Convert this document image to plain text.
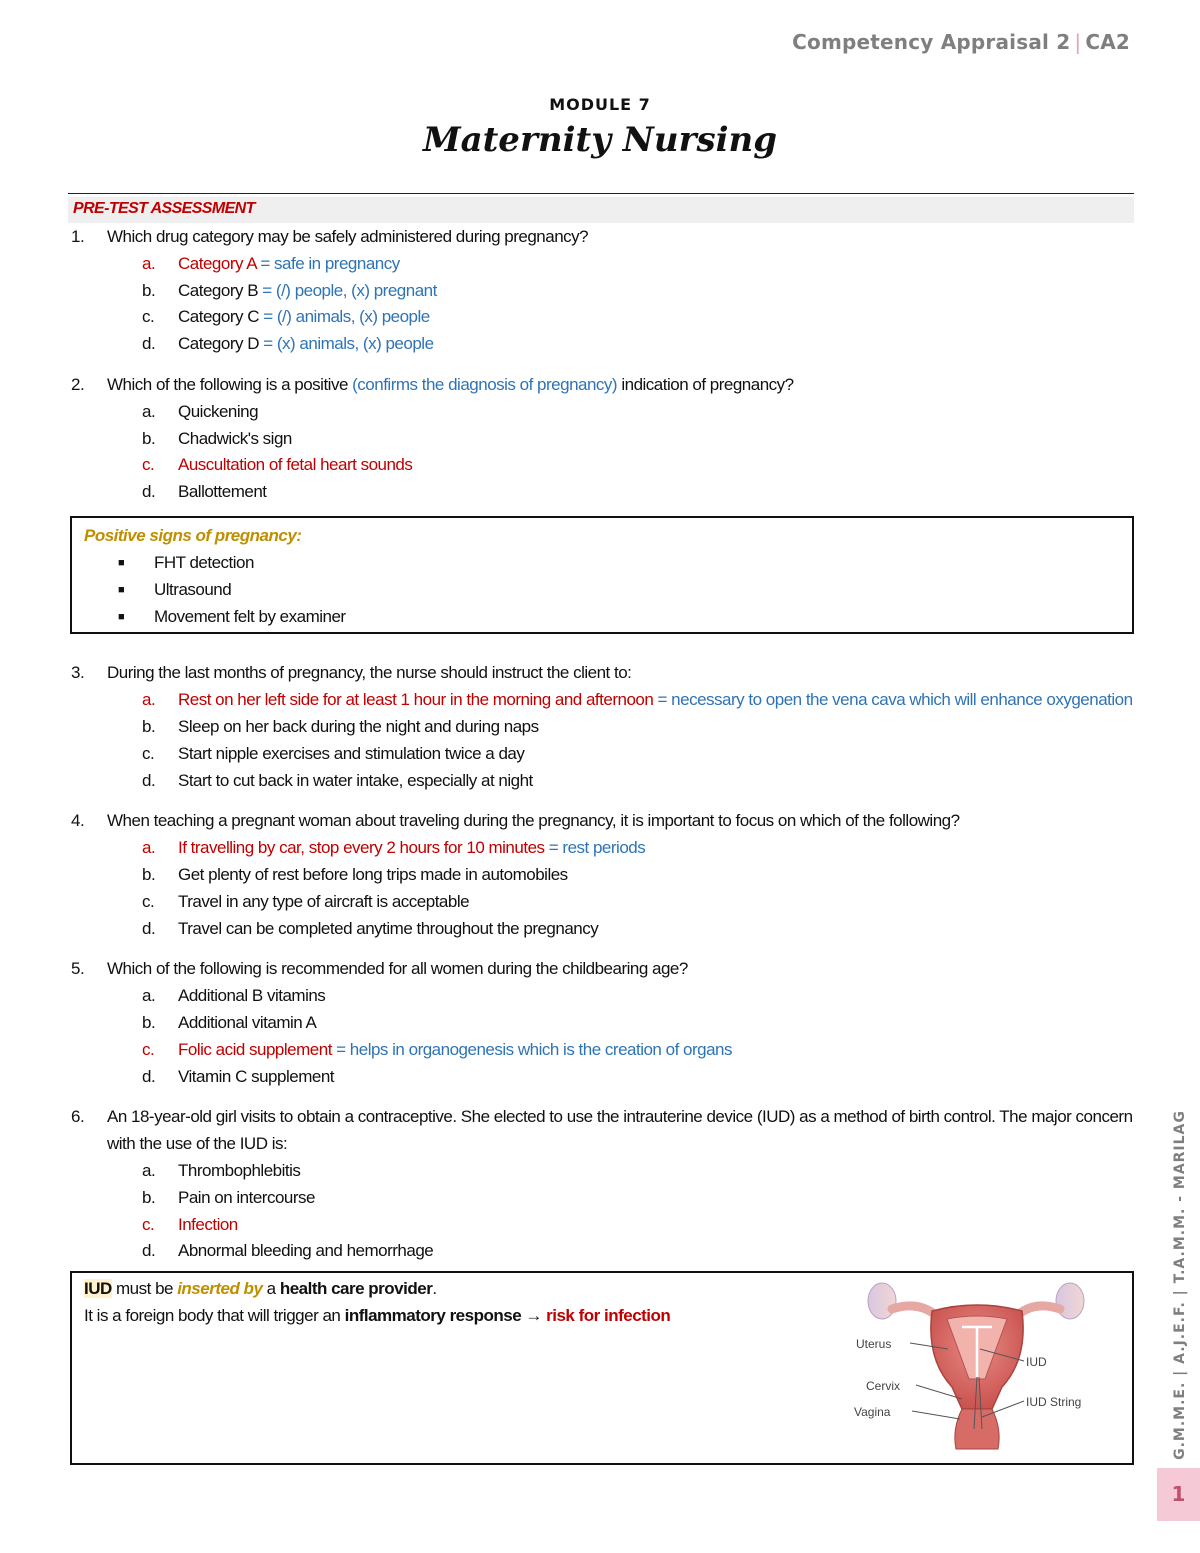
Competency Appraisal 2 | CA2
MODULE 7
Maternity Nursing
PRE-TEST ASSESSMENT
1. Which drug category may be safely administered during pregnancy?
a. Category A = safe in pregnancy
b. Category B = (/) people, (x) pregnant
c. Category C = (/) animals, (x) people
d. Category D = (x) animals, (x) people
2. Which of the following is a positive (confirms the diagnosis of pregnancy) indication of pregnancy?
a. Quickening
b. Chadwick's sign
c. Auscultation of fetal heart sounds
d. Ballottement
Positive signs of pregnancy:
■ FHT detection
■ Ultrasound
■ Movement felt by examiner
3. During the last months of pregnancy, the nurse should instruct the client to:
a. Rest on her left side for at least 1 hour in the morning and afternoon = necessary to open the vena cava which will enhance oxygenation
b. Sleep on her back during the night and during naps
c. Start nipple exercises and stimulation twice a day
d. Start to cut back in water intake, especially at night
4. When teaching a pregnant woman about traveling during the pregnancy, it is important to focus on which of the following?
a. If travelling by car, stop every 2 hours for 10 minutes = rest periods
b. Get plenty of rest before long trips made in automobiles
c. Travel in any type of aircraft is acceptable
d. Travel can be completed anytime throughout the pregnancy
5. Which of the following is recommended for all women during the childbearing age?
a. Additional B vitamins
b. Additional vitamin A
c. Folic acid supplement = helps in organogenesis which is the creation of organs
d. Vitamin C supplement
6. An 18-year-old girl visits to obtain a contraceptive. She elected to use the intrauterine device (IUD) as a method of birth control. The major concern with the use of the IUD is:
a. Thrombophlebitis
b. Pain on intercourse
c. Infection
d. Abnormal bleeding and hemorrhage
IUD must be inserted by a health care provider.
It is a foreign body that will trigger an inflammatory response → risk for infection
Uterus
IUD
Cervix
IUD String
Vagina	G.M.M.E. | A.J.E.F. | T.A.M.M. - MARILAG
1
